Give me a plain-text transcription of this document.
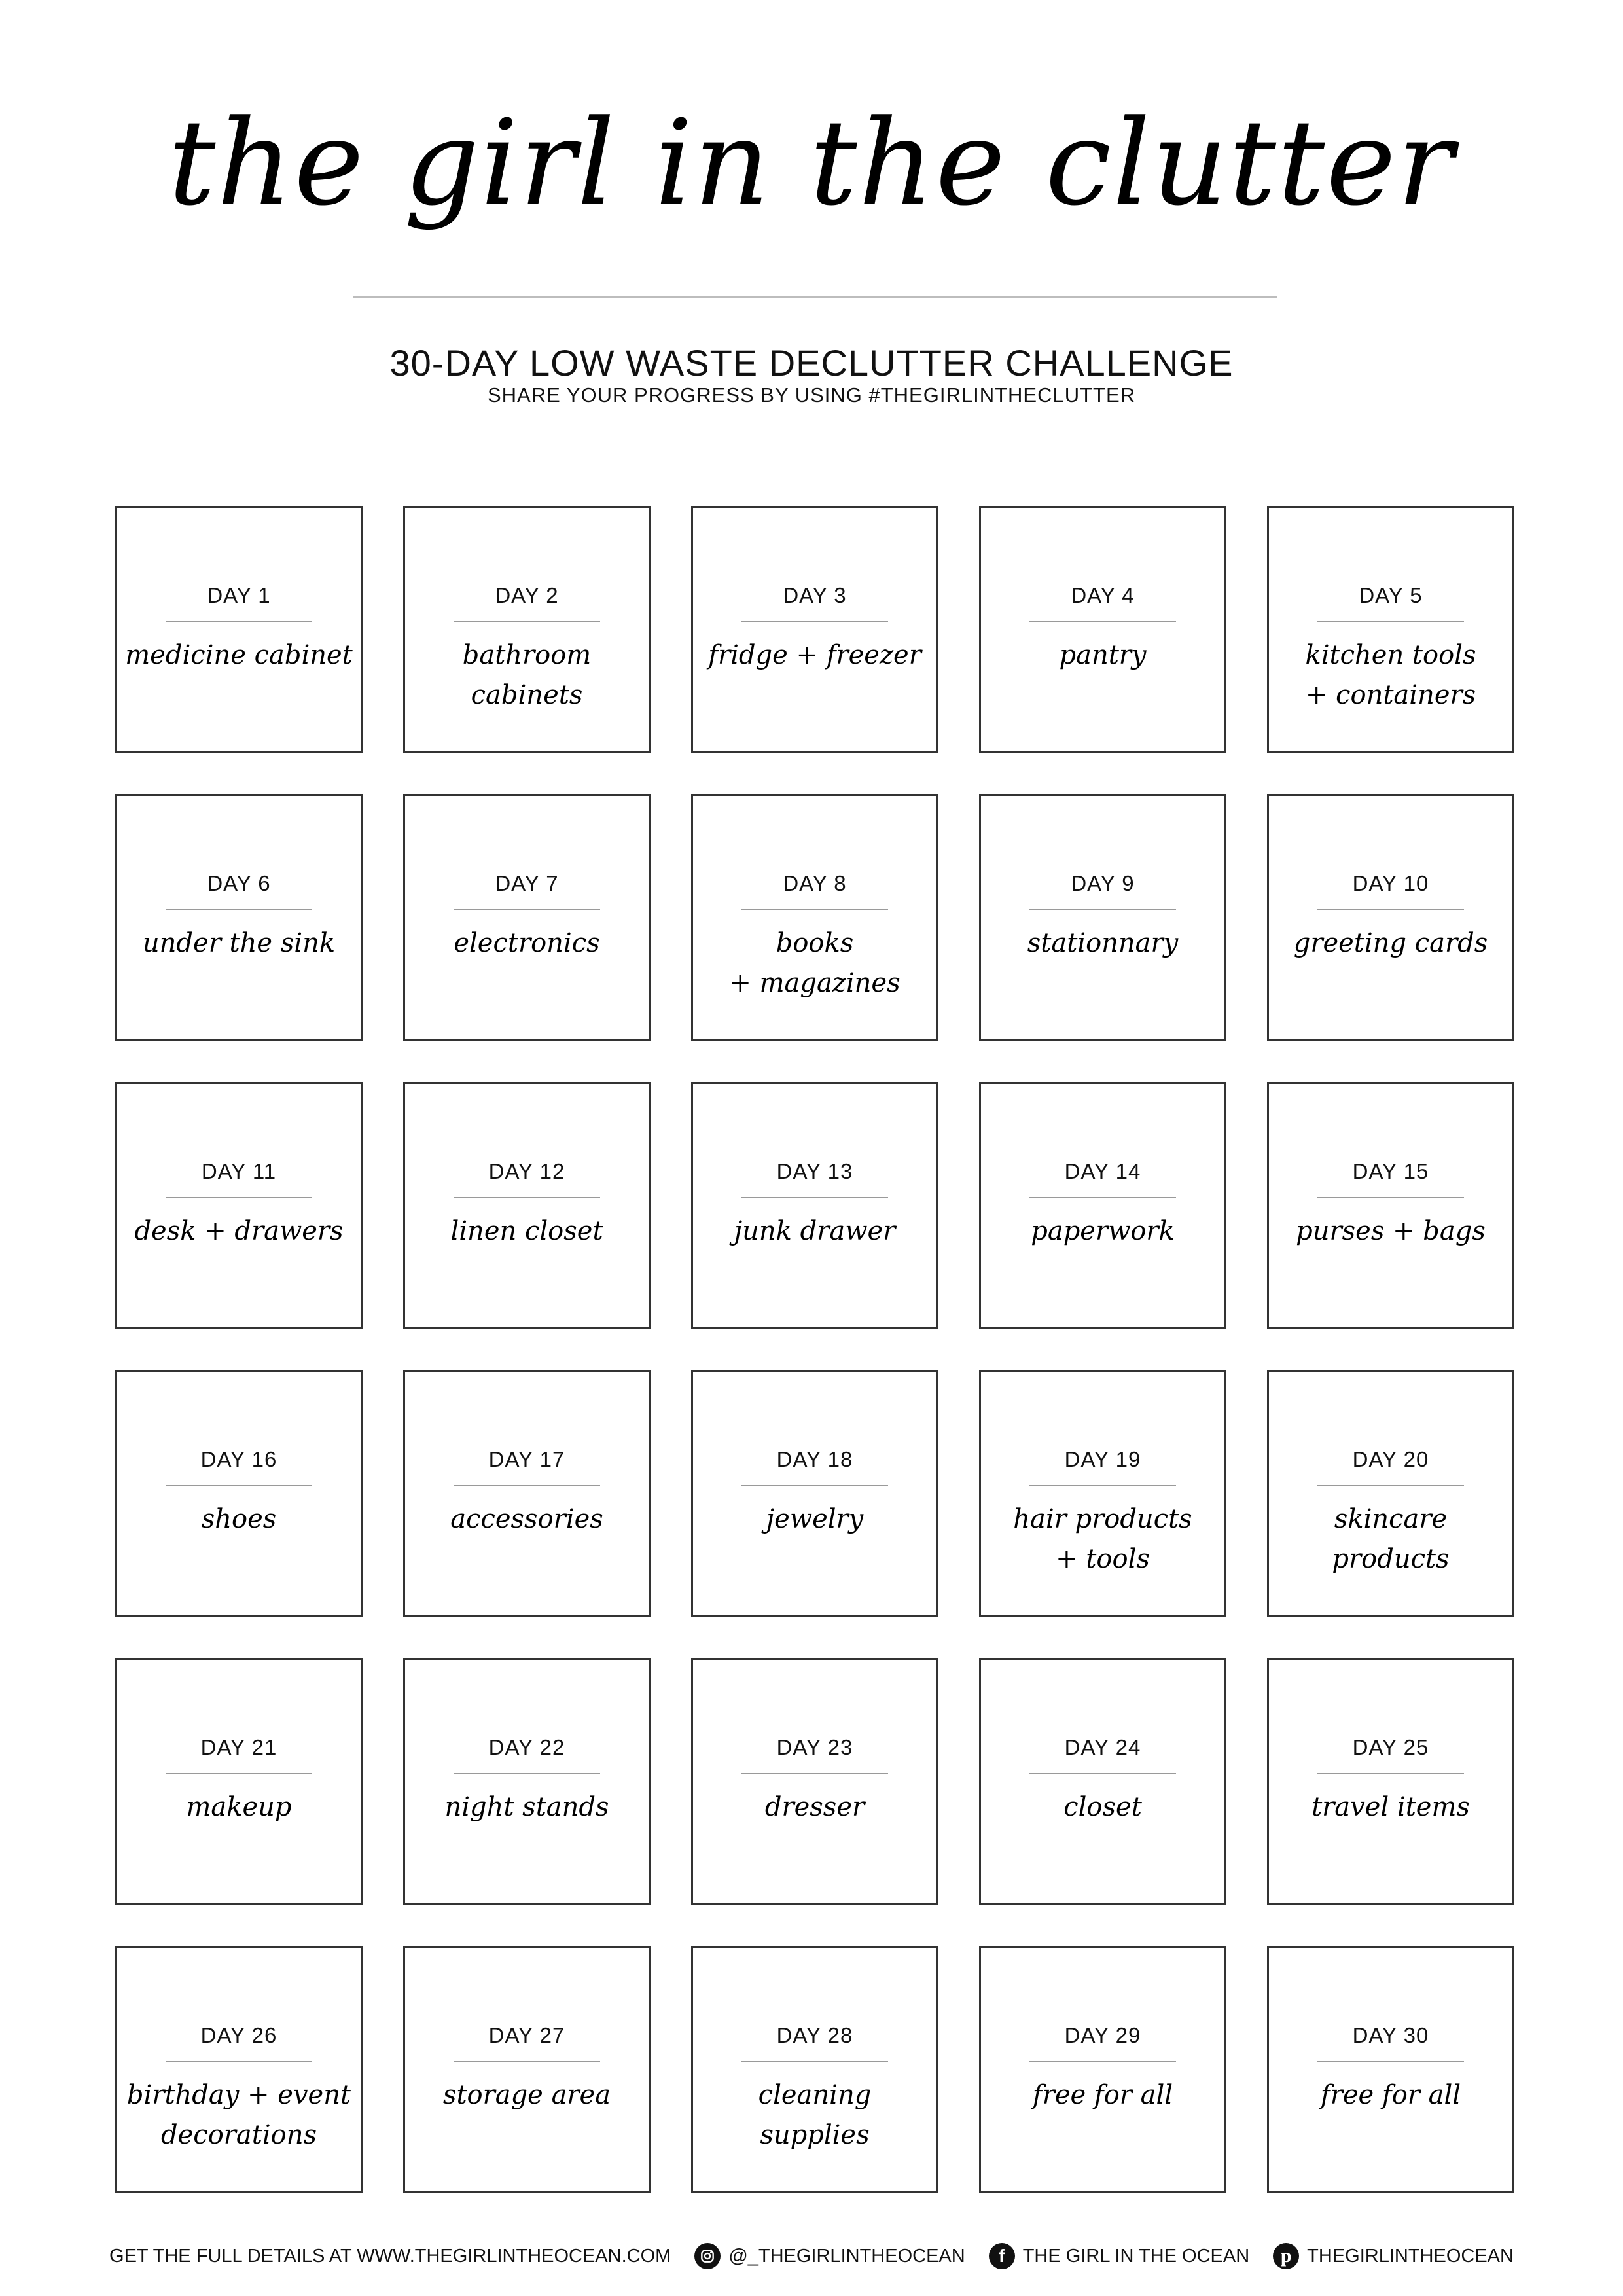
the girl in the clutter
30-DAY LOW WASTE DECLUTTER CHALLENGE
SHARE YOUR PROGRESS BY USING #THEGIRLINTHECLUTTER
DAY 1
medicine cabinet
DAY 2
bathroom cabinets
DAY 3
fridge + freezer
DAY 4
pantry
DAY 5
kitchen tools
+ containers
DAY 6
under the sink
DAY 7
electronics
DAY 8
books
+ magazines
DAY 9
stationnary
DAY 10
greeting cards
DAY 11
desk + drawers
DAY 12
linen closet
DAY 13
junk drawer
DAY 14
paperwork
DAY 15
purses + bags
DAY 16
shoes
DAY 17
accessories
DAY 18
jewelry
DAY 19
hair products
+ tools
DAY 20
skincare products
DAY 21
makeup
DAY 22
night stands
DAY 23
dresser
DAY 24
closet
DAY 25
travel items
DAY 26
birthday + event
decorations
DAY 27
storage area
DAY 28
cleaning supplies
DAY 29
free for all
DAY 30
free for all
GET THE FULL DETAILS AT WWW.THEGIRLINTHEOCEAN.COM	@_THEGIRLINTHEOCEAN f THE GIRL IN THE OCEAN p THEGIRLINTHEOCEAN
